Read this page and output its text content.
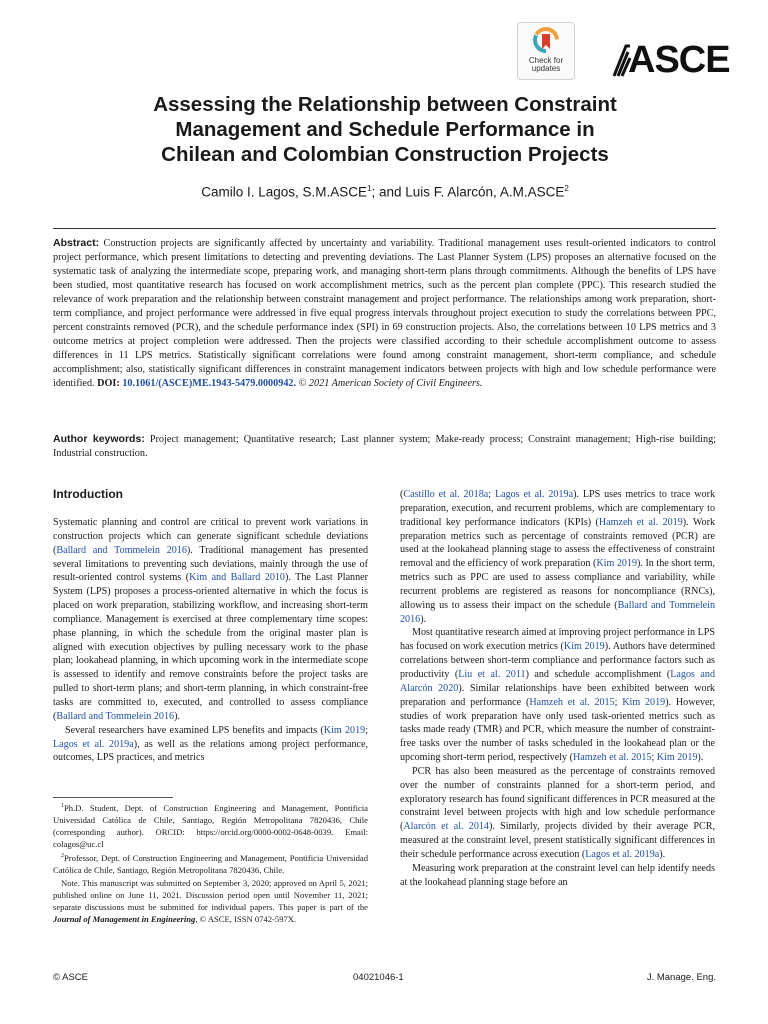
Check for
updates	ASCE
Assessing the Relationship between Constraint
Management and Schedule Performance in
Chilean and Colombian Construction Projects
Camilo I. Lagos, S.M.ASCE$^1$; and Luis F. Alarcón, A.M.ASCE$^2$
Abstract: Construction projects are significantly affected by uncertainty and variability. Traditional management uses result-oriented indicators to control project performance, which present limitations to detecting and preventing deviations. The Last Planner System (LPS) proposes an alternative focused on the systematic task of analyzing the intermediate scope, preparing work, and managing short-term plans through commitments. Although the benefits of LPS have been studied, most quantitative research has focused on work accomplishment metrics, such as the percent plan complete (PPC). This research studied the relevance of work preparation and the relationship between constraint management and project performance. The relationships among work preparation, short-term compliance, and project performance were addressed in five equal progress intervals throughout project execution to study the correlations between PPC, percent constraints removed (PCR), and the schedule performance index (SPI) in 69 construction projects. Also, the correlations between 10 LPS metrics and 3 outcome metrics at project completion were addressed. Then the projects were classified according to their schedule accomplishment outcome to assess differences in 11 LPS metrics. Statistically significant correlations were found among constraint management, short-term compliance, and schedule accomplishment; also, statistically significant differences in constraint management indicators between projects with high and low schedule performance were identified. DOI: 10.1061/(ASCE)ME.1943-5479.0000942. © 2021 American Society of Civil Engineers.
Author keywords: Project management; Quantitative research; Last planner system; Make-ready process; Constraint management; High-rise building; Industrial construction.
Introduction

Systematic planning and control are critical to prevent work variations in construction projects which can generate significant schedule deviations (Ballard and Tommelein 2016). Traditional management has presented several limitations to preventing such deviations, mainly through the use of result-oriented control systems (Kim and Ballard 2010). The Last Planner System (LPS) proposes a process-oriented alternative in which the focus is placed on work preparation, stabilizing workflow, and increasing short-term compliance. Management is exercised at three complementary time scopes: phase planning, in which the schedule from the original master plan is aligned with execution objectives by pulling necessary work to the phase plan; lookahead planning, in which upcoming work in the intermediate scope is assessed to identify and remove constraints before the project tasks are pulled to short-term plans; and short-term planning, in which constraint-free tasks are committed to, executed, and controlled to assess compliance (Ballard and Tommelein 2016).

Several researchers have examined LPS benefits and impacts (Kim 2019; Lagos et al. 2019a), as well as the relations among project performance, outcomes, LPS practices, and metrics

$^1$Ph.D. Student, Dept. of Construction Engineering and Management, Pontificia Universidad Católica de Chile, Santiago, Región Metropolitana 7820436, Chile (corresponding author). ORCID: https://orcid.org/0000-0002-0648-0039. Email: colagos@uc.cl

$^2$Professor, Dept. of Construction Engineering and Management, Pontificia Universidad Católica de Chile, Santiago, Región Metropolitana 7820436, Chile.

Note. This manuscript was submitted on September 3, 2020; approved on April 5, 2021; published online on June 11, 2021. Discussion period open until November 11, 2021; separate discussions must be submitted for individual papers. This paper is part of the Journal of Management in Engineering, © ASCE, ISSN 0742-597X.

(Castillo et al. 2018a; Lagos et al. 2019a). LPS uses metrics to trace work preparation, execution, and recurrent problems, which are complementary to traditional key performance indicators (KPIs) (Hamzeh et al. 2019). Work preparation metrics such as percentage of constraints removed (PCR) are used at the lookahead planning stage to assess the effectiveness of constraint removal and the efficiency of work preparation (Kim 2019). In the short term, metrics such as PPC are used to assess compliance and variability, while recurrent problems are registered as reasons for noncompliance (RNCs), allowing us to assess their impact on the schedule (Ballard and Tommelein 2016).

Most quantitative research aimed at improving project performance in LPS has focused on work execution metrics (Kim 2019). Authors have determined correlations between short-term compliance and performance factors such as productivity (Liu et al. 2011) and schedule accomplishment (Lagos and Alarcón 2020). Similar relationships have been exhibited between work preparation and performance (Hamzeh et al. 2015; Kim 2019). However, studies of work preparation have only used task-oriented metrics such as tasks made ready (TMR) and PCR, which measure the number of constraint-free tasks over the number of tasks scheduled in the lookahead plan or the upcoming short-term period, respectively (Hamzeh et al. 2015; Kim 2019).

PCR has also been measured as the percentage of constraints removed over the number of constraints planned for a short-term period, and exploratory research has found significant differences in PCR measured at the constraint level between projects with high and low schedule performance (Alarcón et al. 2014). Similarly, projects divided by their average PCR, measured at the constraint level, present statistically significant differences in their schedule performance across execution (Lagos et al. 2019a).

Measuring work preparation at the constraint level can help identify needs at the lookahead planning stage before an

© ASCE	04021046-1	J. Manage. Eng.
